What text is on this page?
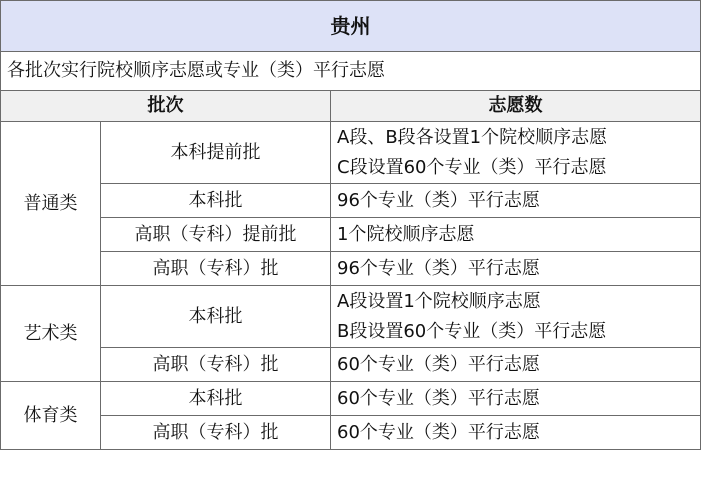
贵州		
各批次实行院校顺序志愿或专业（类）平行志愿		
批次		志愿数
普通类	本科提前批	A段、B段各设置1个院校顺序志愿
C段设置60个专业（类）平行志愿

	本科批	96个专业（类）平行志愿
	高职（专科）提前批	1个院校顺序志愿
	高职（专科）批	96个专业（类）平行志愿
艺术类	本科批	A段设置1个院校顺序志愿
B段设置60个专业（类）平行志愿

	高职（专科）批	60个专业（类）平行志愿
体育类	本科批	60个专业（类）平行志愿
	高职（专科）批	60个专业（类）平行志愿
